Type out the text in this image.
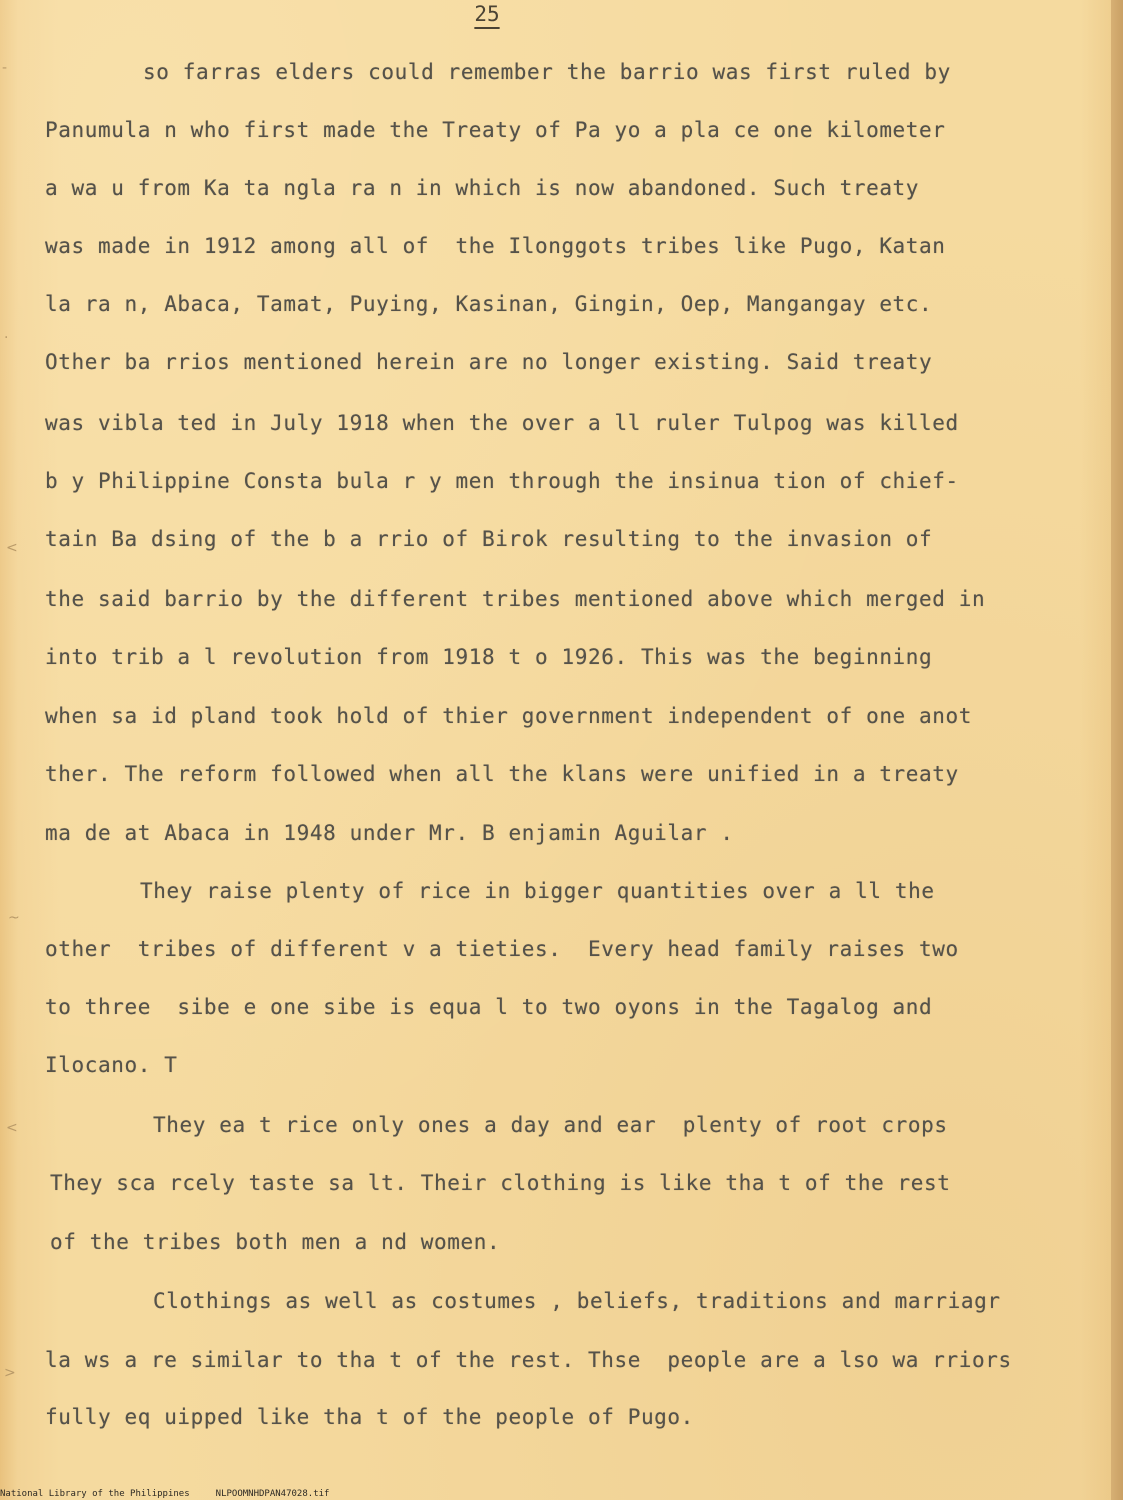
-
·
<
~
<
>
25
so farras elders could remember the barrio was first ruled by
Panumula n who first made the Treaty of Pa yo a pla ce one kilometer
a wa u from Ka ta ngla ra n in which is now abandoned. Such treaty
was made in 1912 among all of  the Ilonggots tribes like Pugo, Katan
la ra n, Abaca, Tamat, Puying, Kasinan, Gingin, Oep, Mangangay etc.
Other ba rrios mentioned herein are no longer existing. Said treaty
was vibla ted in July 1918 when the over a ll ruler Tulpog was killed
b y Philippine Consta bula r y men through the insinua tion of chief-
tain Ba dsing of the b a rrio of Birok resulting to the invasion of
the said barrio by the different tribes mentioned above which merged in
into trib a l revolution from 1918 t o 1926. This was the beginning
when sa id pland took hold of thier government independent of one anot
ther. The reform followed when all the klans were unified in a treaty
ma de at Abaca in 1948 under Mr. B enjamin Aguilar .
They raise plenty of rice in bigger quantities over a ll the
other  tribes of different v a tieties.  Every head family raises two
to three  sibe e one sibe is equa l to two oyons in the Tagalog and
Ilocano. T
They ea t rice only ones a day and ear  plenty of root crops
They sca rcely taste sa lt. Their clothing is like tha t of the rest
of the tribes both men a nd women.
Clothings as well as costumes , beliefs, traditions and marriagr
la ws a re similar to tha t of the rest. Thse  people are a lso wa rriors
fully eq uipped like tha t of the people of Pugo.
National Library of the Philippines	NLPOOMNHDPAN47028.tif
